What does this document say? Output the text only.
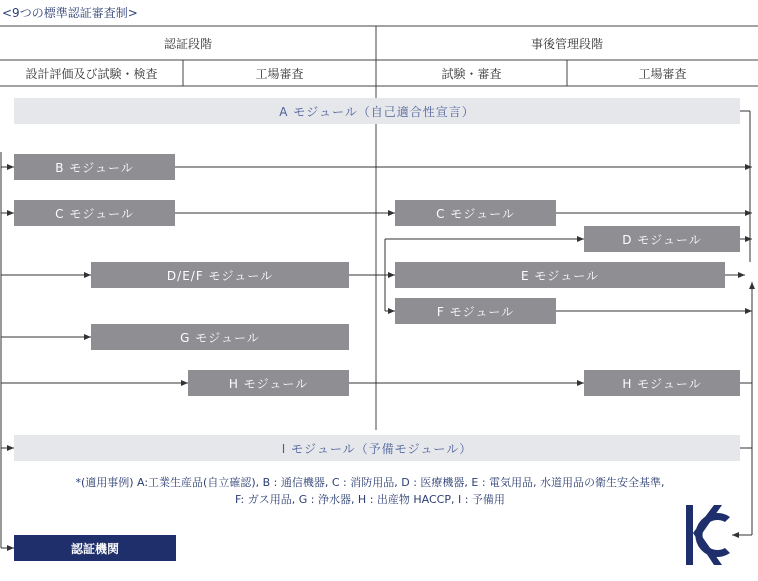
<9つの標準認証審査制>
認証段階	事後管理段階
設計評価及び試験・検査	工場審査	試験・審査	工場審査
A モジュール（自己適合性宣言）
B モジュール
C モジュール	C モジュール
D モジュール
D/E/F モジュール	E モジュール
F モジュール
G モジュール
H モジュール	H モジュール
I モジュール（予備モジュール）
*(適用事例) A:工業生産品(自立確認), B : 通信機器, C : 消防用品, D : 医療機器, E : 電気用品, 水道用品の衛生安全基準,
F: ガス用品, G : 浄水器, H : 出産物 HACCP, I : 予備用
認証機関
